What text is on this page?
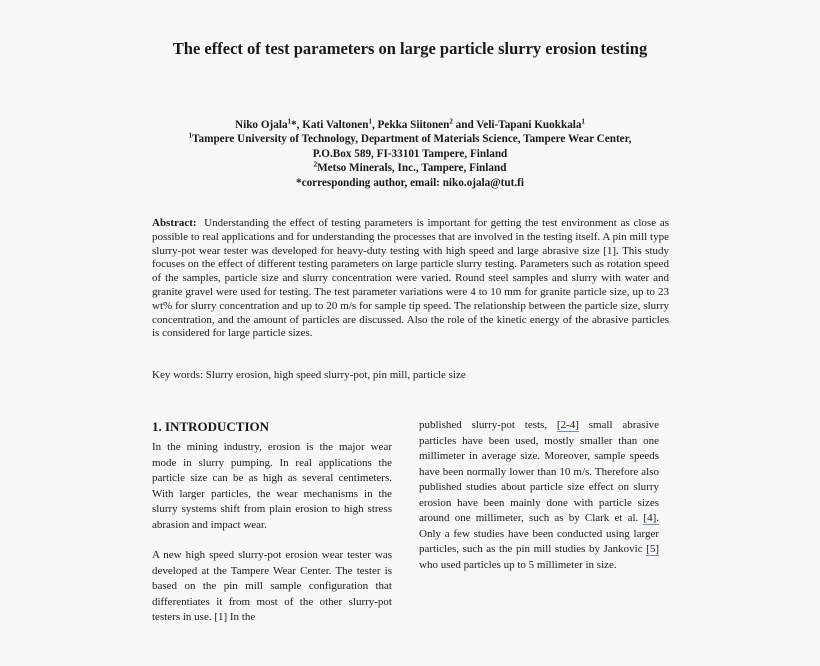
The effect of test parameters on large particle slurry erosion testing
Niko Ojala$^1$*, Kati Valtonen$^1$, Pekka Siitonen$^2$ and Veli-Tapani Kuokkala$^1$
$^1$Tampere University of Technology, Department of Materials Science, Tampere Wear Center,
P.O.Box 589, FI-33101 Tampere, Finland
$^2$Metso Minerals, Inc., Tampere, Finland
*corresponding author, email: niko.ojala@tut.fi
Abstract: Understanding the effect of testing parameters is important for getting the test environment as close as possible to real applications and for understanding the processes that are involved in the testing itself. A pin mill type slurry-pot wear tester was developed for heavy-duty testing with high speed and large abrasive size [1]. This study focuses on the effect of different testing parameters on large particle slurry testing. Parameters such as rotation speed of the samples, particle size and slurry concentration were varied. Round steel samples and slurry with water and granite gravel were used for testing. The test parameter variations were 4 to 10 mm for granite particle size, up to 23 wt% for slurry concentration and up to 20 m/s for sample tip speed. The relationship between the particle size, slurry concentration, and the amount of particles are discussed. Also the role of the kinetic energy of the abrasive particles is considered for large particle sizes.
Key words: Slurry erosion, high speed slurry-pot, pin mill, particle size
1. INTRODUCTION

In the mining industry, erosion is the major wear mode in slurry pumping. In real applications the particle size can be as high as several centimeters. With larger particles, the wear mechanisms in the slurry systems shift from plain erosion to high stress abrasion and impact wear.

A new high speed slurry-pot erosion wear tester was developed at the Tampere Wear Center. The tester is based on the pin mill sample configuration that differentiates it from most of the other slurry-pot testers in use. [1] In the

published slurry-pot tests, [2-4] small abrasive particles have been used, mostly smaller than one millimeter in average size. Moreover, sample speeds have been normally lower than 10 m/s. Therefore also published studies about particle size effect on slurry erosion have been mainly done with particle sizes around one millimeter, such as by Clark et al. [4]. Only a few studies have been conducted using larger particles, such as the pin mill studies by Jankovic [5] who used particles up to 5 millimeter in size.
